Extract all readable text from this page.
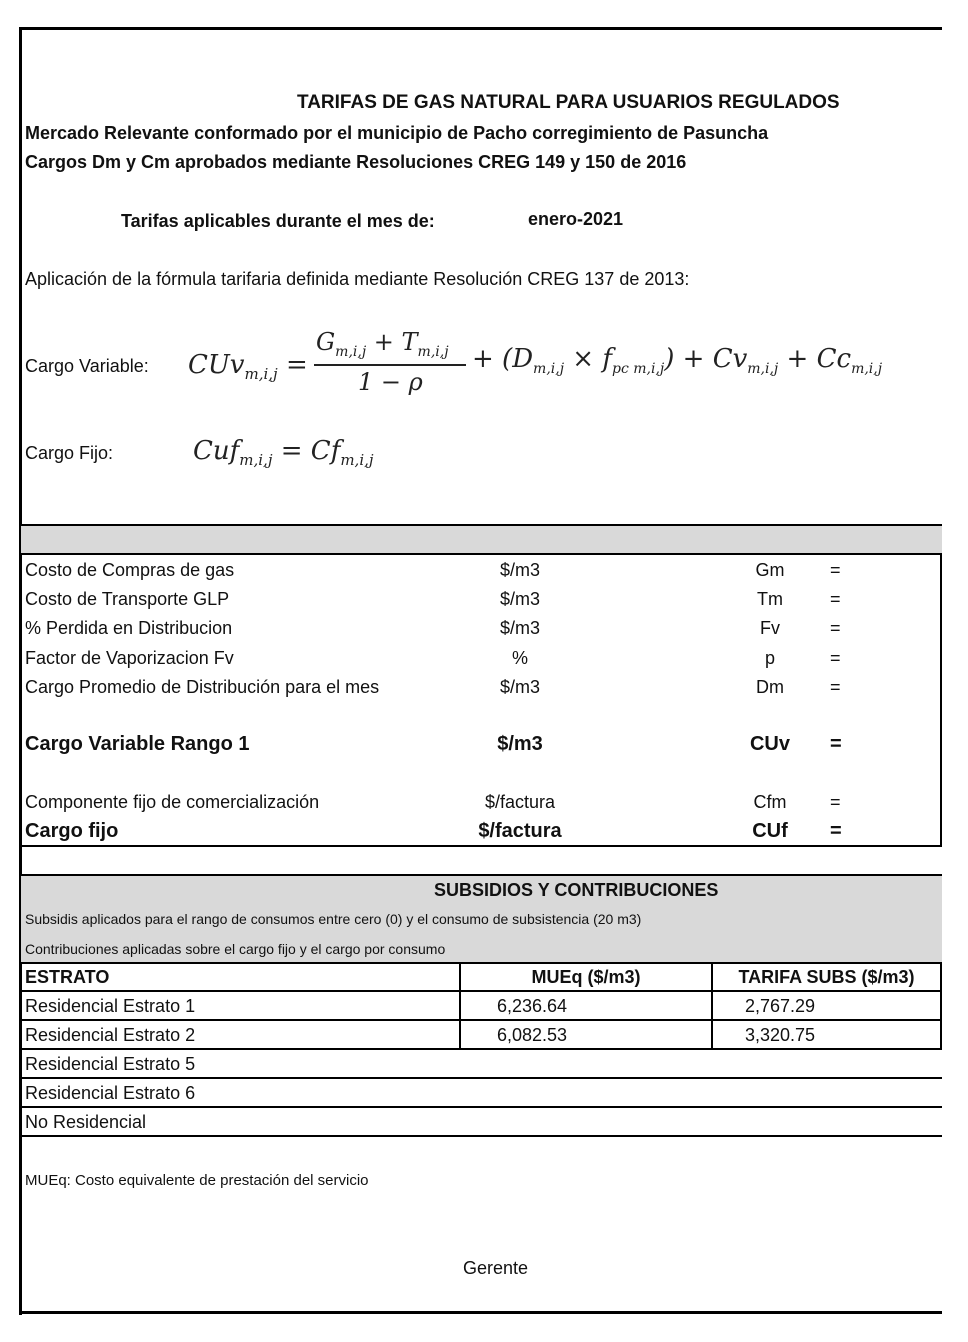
TARIFAS DE GAS NATURAL PARA USUARIOS REGULADOS
Mercado Relevante conformado por el municipio de Pacho corregimiento de Pasuncha
Cargos Dm y Cm aprobados mediante Resoluciones CREG 149 y 150 de 2016
Tarifas aplicables durante el mes de:	enero-2021
Aplicación de la fórmula tarifaria definida mediante Resolución CREG 137 de 2013:
Cargo Variable: CUv$_{m,i,j}$ =
$G_{m,i,j} + T_{m,i,j}$
1 − ρ
+ $(D_{m,i,j} \times f_{pc m,i,j}) + Cv_{m,i,j} + Cc_{m,i,j}$
Cargo Fijo:	$Cuf_{m,i,j} = Cf_{m,i,j}$
Costo de Compras de gas	$/m3	Gm	=
Costo de Transporte GLP	$/m3	Tm	=
% Perdida en Distribucion	$/m3	Fv	=
Factor de Vaporizacion Fv	%	p	=
Cargo Promedio de Distribución para el mes	$/m3	Dm	=
Cargo Variable Rango 1	$/m3	CUv	=
Componente fijo de comercialización	$/factura	Cfm	=
Cargo fijo	$/factura	CUf	=
SUBSIDIOS Y CONTRIBUCIONES
Subsidis aplicados para el rango de consumos entre cero (0) y el consumo de subsistencia (20 m3)
Contribuciones aplicadas sobre el cargo fijo y el cargo por consumo
ESTRATO	MUEq ($/m3)	TARIFA SUBS ($/m3)
Residencial Estrato 1	6,236.64	2,767.29
Residencial Estrato 2	6,082.53	3,320.75
Residencial Estrato 5
Residencial Estrato 6
No Residencial
MUEq: Costo equivalente de prestación del servicio
Gerente
